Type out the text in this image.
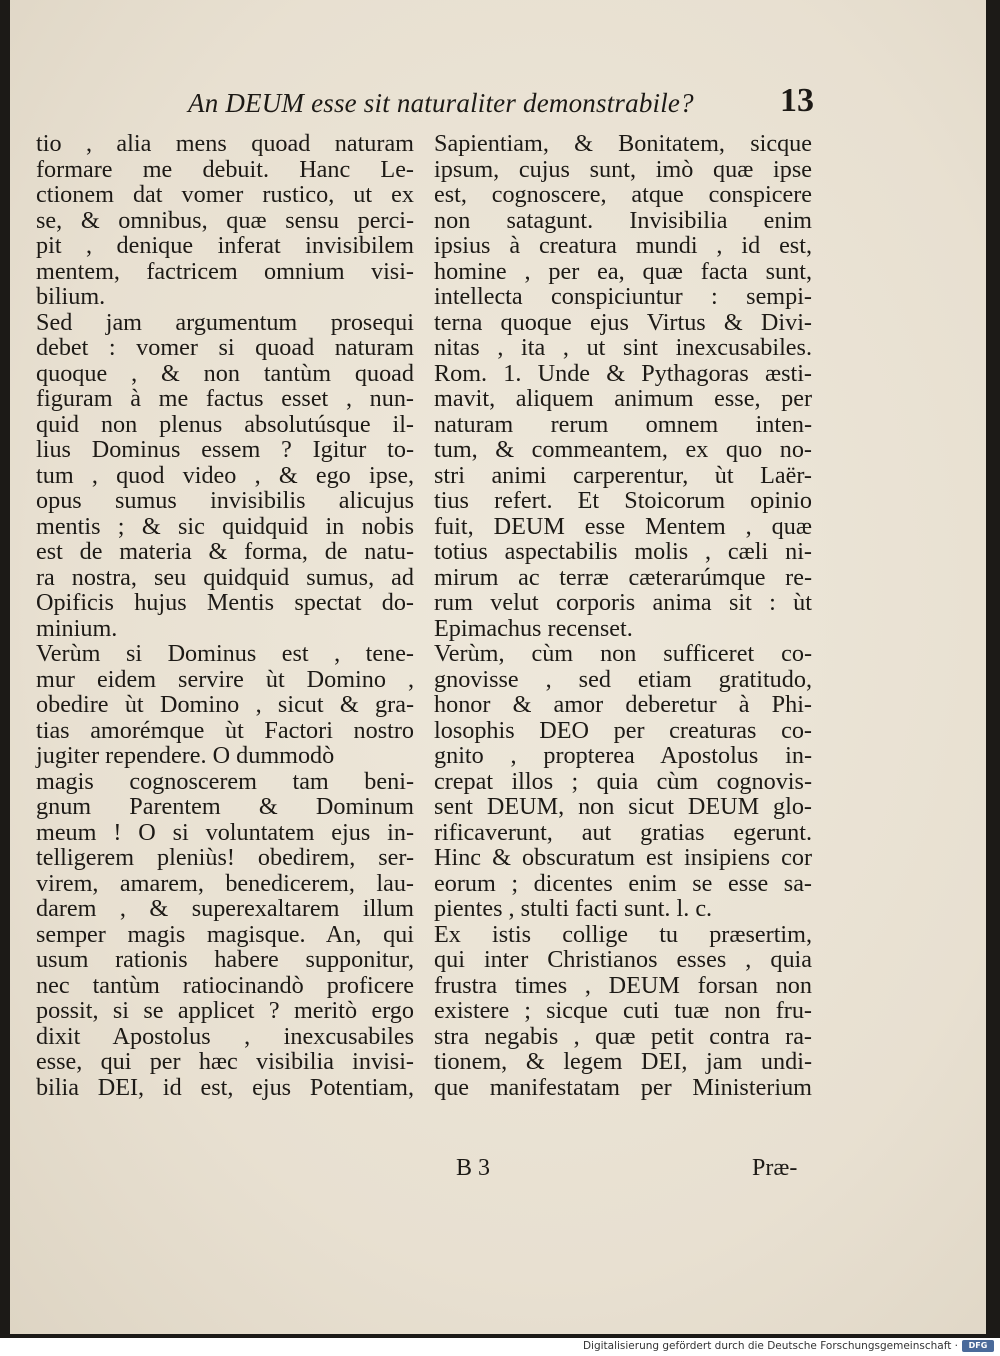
An DEUM esse sit naturaliter demonstrabile?	13
tio , alia mens quoad naturam
formare me debuit. Hanc Le-
ctionem dat vomer rustico, ut ex
se, & omnibus, quæ sensu perci-
pit , denique inferat invisibilem
mentem, factricem omnium visi-
bilium.
Sed jam argumentum prosequi
debet : vomer si quoad naturam
quoque , & non tantùm quoad
figuram à me factus esset , nun-
quid non plenus absolutúsque il-
lius Dominus essem ? Igitur to-
tum , quod video , & ego ipse,
opus sumus invisibilis alicujus
mentis ; & sic quidquid in nobis
est de materia & forma, de natu-
ra nostra, seu quidquid sumus, ad
Opificis hujus Mentis spectat do-
minium.
Verùm si Dominus est , tene-
mur eidem servire ùt Domino ,
obedire ùt Domino , sicut & gra-
tias amorémque ùt Factori nostro
jugiter rependere. O dummodò
magis cognoscerem tam beni-
gnum Parentem & Dominum
meum ! O si voluntatem ejus in-
telligerem pleniùs! obedirem, ser-
virem, amarem, benedicerem, lau-
darem , & superexaltarem illum
semper magis magisque. An, qui
usum rationis habere supponitur,
nec tantùm ratiocinandò proficere
possit, si se applicet ? meritò ergo
dixit Apostolus , inexcusabiles
esse, qui per hæc visibilia invisi-
bilia DEI, id est, ejus Potentiam,
Sapientiam, & Bonitatem, sicque
ipsum, cujus sunt, imò quæ ipse
est, cognoscere, atque conspicere
non satagunt. Invisibilia enim
ipsius à creatura mundi , id est,
homine , per ea, quæ facta sunt,
intellecta conspiciuntur : sempi-
terna quoque ejus Virtus & Divi-
nitas , ita , ut sint inexcusabiles.
Rom. 1. Unde & Pythagoras æsti-
mavit, aliquem animum esse, per
naturam rerum omnem inten-
tum, & commeantem, ex quo no-
stri animi carperentur, ùt Laër-
tius refert. Et Stoicorum opinio
fuit, DEUM esse Mentem , quæ
totius aspectabilis molis , cæli ni-
mirum ac terræ cæterarúmque re-
rum velut corporis anima sit : ùt
Epimachus recenset.
Verùm, cùm non sufficeret co-
gnovisse , sed etiam gratitudo,
honor & amor deberetur à Phi-
losophis DEO per creaturas co-
gnito , propterea Apostolus in-
crepat illos ; quia cùm cognovis-
sent DEUM, non sicut DEUM glo-
rificaverunt, aut gratias egerunt.
Hinc & obscuratum est insipiens cor
eorum ; dicentes enim se esse sa-
pientes , stulti facti sunt. l. c.
Ex istis collige tu præsertim,
qui inter Christianos esses , quia
frustra times , DEUM forsan non
existere ; sicque cuti tuæ non fru-
stra negabis , quæ petit contra ra-
tionem, & legem DEI, jam undi-
que manifestatam per Ministerium
B 3	Præ-
Digitalisierung gefördert durch die Deutsche Forschungsgemeinschaft ·	DFG
